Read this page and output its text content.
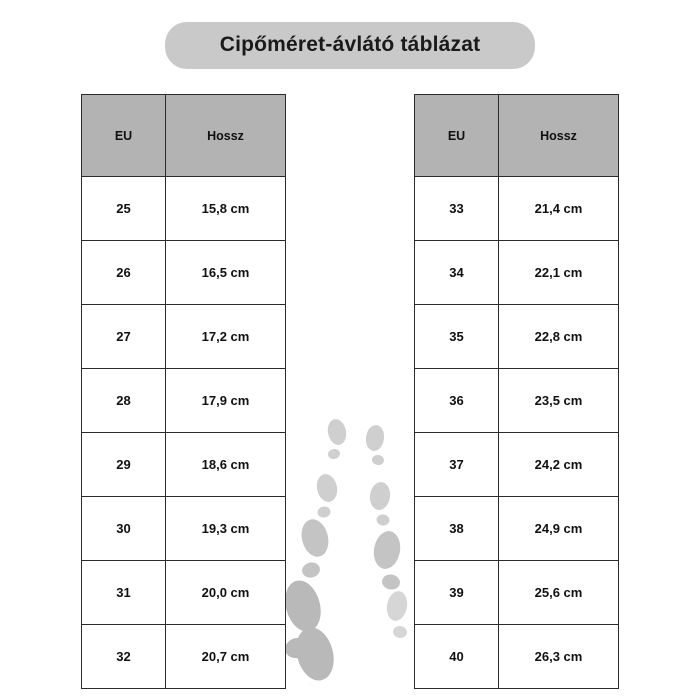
Cipőméret-ávlátó táblázat
EU	Hossz
25	15,8 cm
26	16,5 cm
27	17,2 cm
28	17,9 cm
29	18,6 cm
30	19,3 cm
31	20,0 cm
32	20,7 cm
EU	Hossz
33	21,4 cm
34	22,1 cm
35	22,8 cm
36	23,5 cm
37	24,2 cm
38	24,9 cm
39	25,6 cm
40	26,3 cm
